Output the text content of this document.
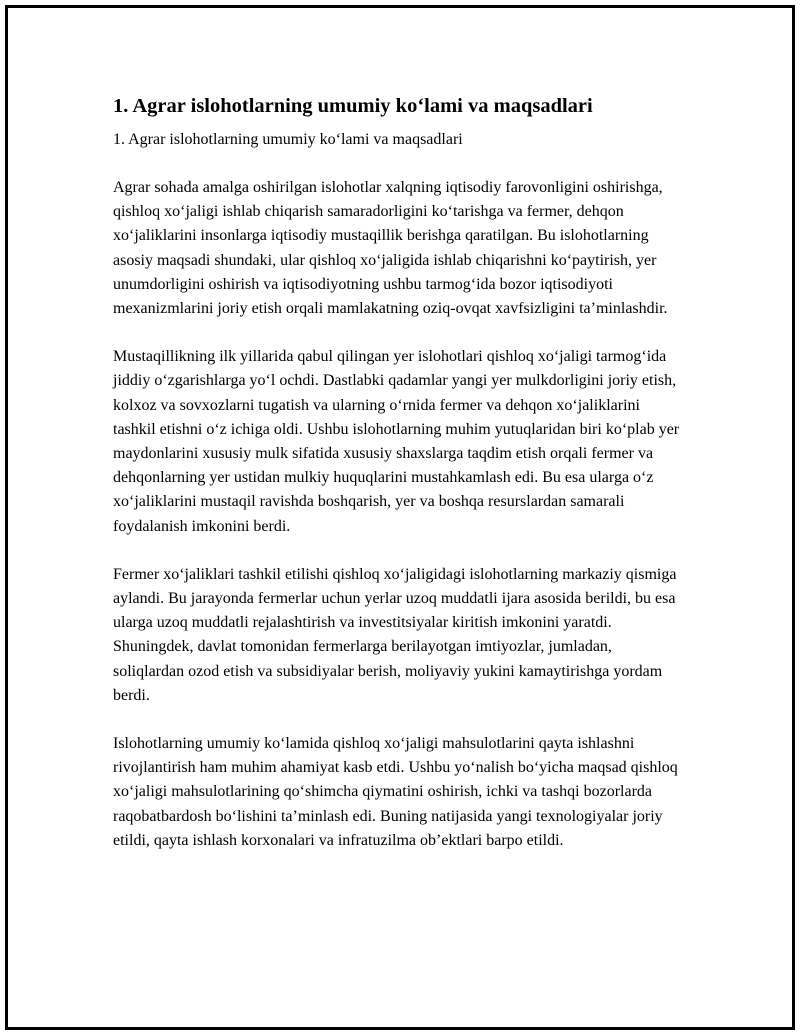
1. Agrar islohotlarning umumiy ko‘lami va maqsadlari
1. Agrar islohotlarning umumiy ko‘lami va maqsadlari

Agrar sohada amalga oshirilgan islohotlar xalqning iqtisodiy farovonligini oshirishga, qishloq xo‘jaligi ishlab chiqarish samaradorligini ko‘tarishga va fermer, dehqon xo‘jaliklarini insonlarga iqtisodiy mustaqillik berishga qaratilgan. Bu islohotlarning asosiy maqsadi shundaki, ular qishloq xo‘jaligida ishlab chiqarishni ko‘paytirish, yer unumdorligini oshirish va iqtisodiyotning ushbu tarmog‘ida bozor iqtisodiyoti mexanizmlarini joriy etish orqali mamlakatning oziq-ovqat xavfsizligini ta’minlashdir.

Mustaqillikning ilk yillarida qabul qilingan yer islohotlari qishloq xo‘jaligi tarmog‘ida jiddiy o‘zgarishlarga yo‘l ochdi. Dastlabki qadamlar yangi yer mulkdorligini joriy etish, kolxoz va sovxozlarni tugatish va ularning o‘rnida fermer va dehqon xo‘jaliklarini tashkil etishni o‘z ichiga oldi. Ushbu islohotlarning muhim yutuqlaridan biri ko‘plab yer maydonlarini xususiy mulk sifatida xususiy shaxslarga taqdim etish orqali fermer va dehqonlarning yer ustidan mulkiy huquqlarini mustahkamlash edi. Bu esa ularga o‘z xo‘jaliklarini mustaqil ravishda boshqarish, yer va boshqa resurslardan samarali foydalanish imkonini berdi.

Fermer xo‘jaliklari tashkil etilishi qishloq xo‘jaligidagi islohotlarning markaziy qismiga aylandi. Bu jarayonda fermerlar uchun yerlar uzoq muddatli ijara asosida berildi, bu esa ularga uzoq muddatli rejalashtirish va investitsiyalar kiritish imkonini yaratdi. Shuningdek, davlat tomonidan fermerlarga berilayotgan imtiyozlar, jumladan, soliqlardan ozod etish va subsidiyalar berish, moliyaviy yukini kamaytirishga yordam berdi.

Islohotlarning umumiy ko‘lamida qishloq xo‘jaligi mahsulotlarini qayta ishlashni rivojlantirish ham muhim ahamiyat kasb etdi. Ushbu yo‘nalish bo‘yicha maqsad qishloq xo‘jaligi mahsulotlarining qo‘shimcha qiymatini oshirish, ichki va tashqi bozorlarda raqobatbardosh bo‘lishini ta’minlash edi. Buning natijasida yangi texnologiyalar joriy etildi, qayta ishlash korxonalari va infratuzilma ob’ektlari barpo etildi.
